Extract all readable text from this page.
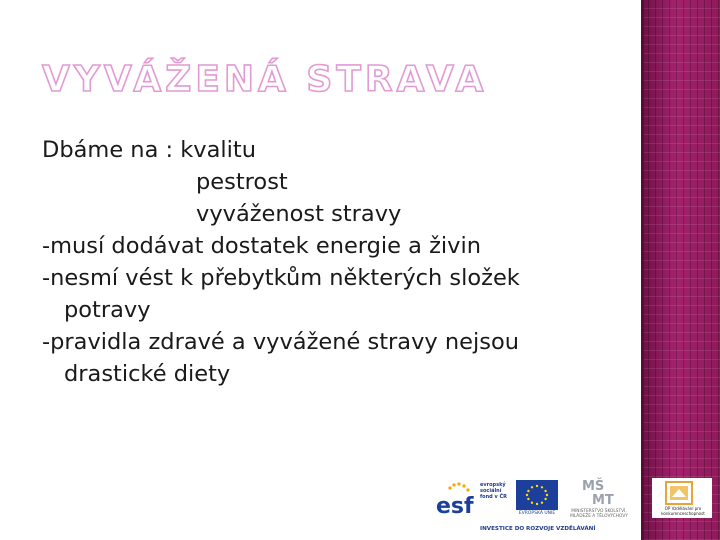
VYVÁŽENÁ STRAVA
Dbáme na : kvalitu
pestrost
vyváženost stravy
-musí dodávat dostatek energie a živin
-nesmí vést k přebytkům některých složek
potravy
-pravidla zdravé a vyvážené stravy nejsou
drastické diety
esf
evropský sociální fond v ČR
EVROPSKÁ UNIE
MŠ
MT
MINISTERSTVO ŠKOLSTVÍ, MLÁDEŽE A TĚLOVÝCHOVY
INVESTICE DO ROZVOJE VZDĚLÁVÁNÍ
OP Vzdělávání pro konkurenceschopnost
